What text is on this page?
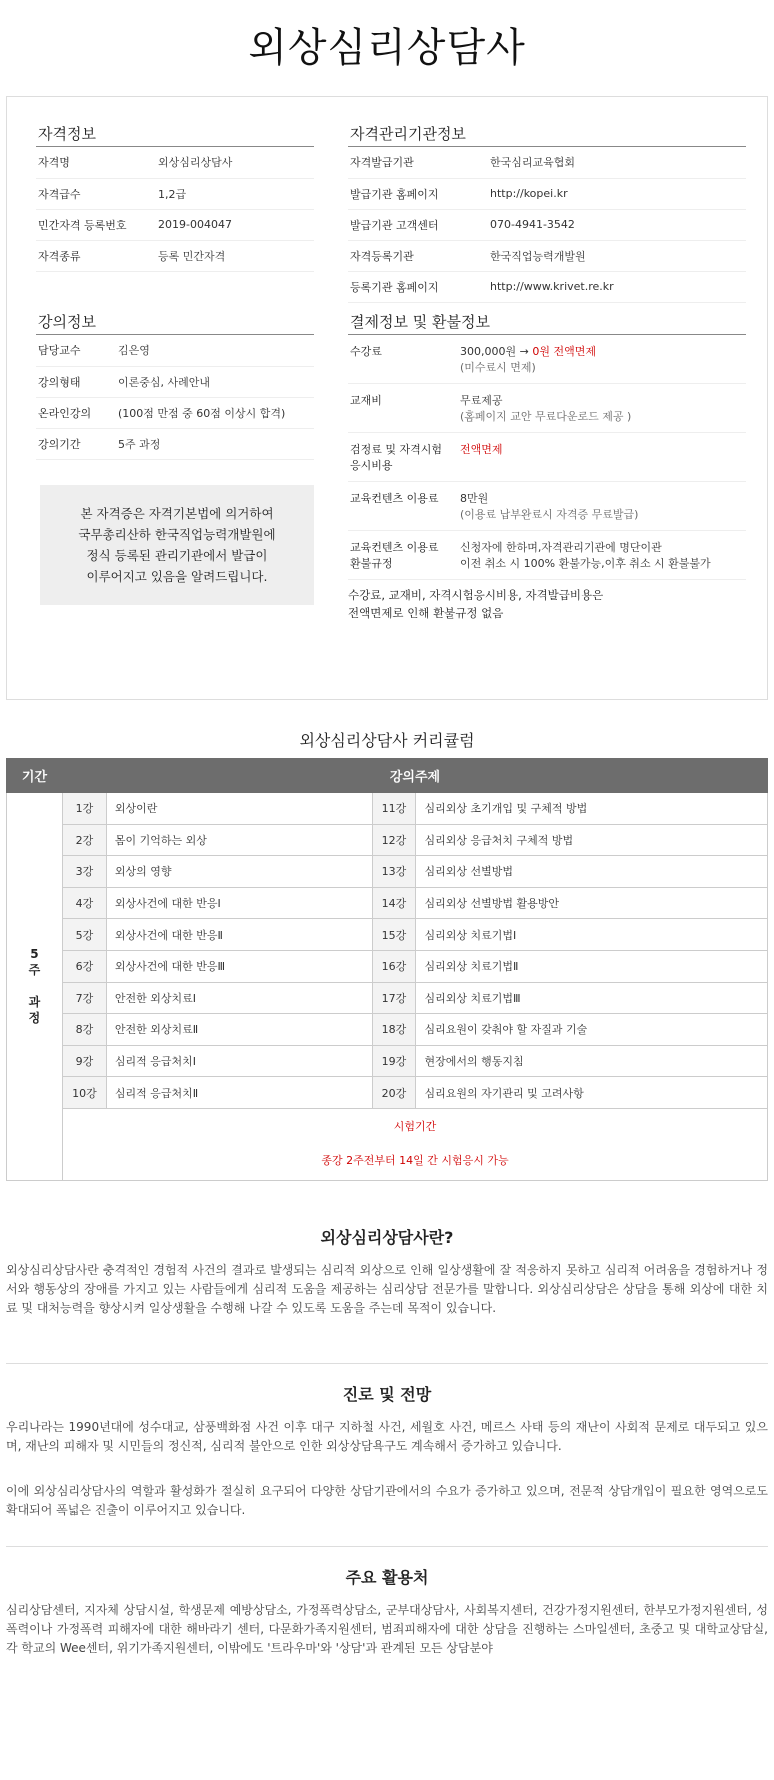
외상심리상담사
자격정보
자격명	외상심리상담사
자격급수	1,2급
민간자격 등록번호	2019-004047
자격종류	등록 민간자격
자격관리기관정보
자격발급기관	한국심리교육협회
발급기관 홈페이지	http://kopei.kr
발급기관 고객센터	070-4941-3542
자격등록기관	한국직업능력개발원
등록기관 홈페이지	http://www.krivet.re.kr
강의정보
담당교수	김은영
강의형태	이론중심, 사례안내
온라인강의	(100점 만점 중 60점 이상시 합격)
강의기간	5주 과정
본 자격증은 자격기본법에 의거하여
국무총리산하 한국직업능력개발원에
정식 등록된 관리기관에서 발급이
이루어지고 있음을 알려드립니다.
결제정보 및 환불정보
수강료	300,000원 → 0원 전액면제
(미수료시 면제)

교재비	무료제공
(홈페이지 교안 무료다운로드 제공 )

검정료 및 자격시험
응시비용	전액면제
교육컨텐츠 이용료	8만원
(이용료 납부완료시 자격증 무료발급)

교육컨텐츠 이용료
환불규정	신청자에 한하며,자격관리기관에 명단이관
이전 취소 시 100% 환불가능,이후 취소 시 환불불가
수강료, 교재비, 자격시험응시비용, 자격발급비용은
전액면제로 인해 환불규정 없음
외상심리상담사 커리큘럼
기간	강의주제			

5
주
과
정	1강	외상이란	11강	심리외상 초기개입 및 구체적 방법
	2강	몸이 기억하는 외상	12강	심리외상 응급처치 구체적 방법
	3강	외상의 영향	13강	심리외상 선별방법
	4강	외상사건에 대한 반응Ⅰ	14강	심리외상 선별방법 활용방안
	5강	외상사건에 대한 반응Ⅱ	15강	심리외상 치료기법Ⅰ
	6강	외상사건에 대한 반응Ⅲ	16강	심리외상 치료기법Ⅱ
	7강	안전한 외상치료Ⅰ	17강	심리외상 치료기법Ⅲ
	8강	안전한 외상치료Ⅱ	18강	심리요원이 갖춰야 할 자질과 기술
	9강	심리적 응급처치Ⅰ	19강	현장에서의 행동지침
	10강	심리적 응급처치Ⅱ	20강	심리요원의 자기관리 및 고려사항

	시험기간
종강 2주전부터 14일 간 시험응시 가능			
외상심리상담사란?
외상심리상담사란 충격적인 경험적 사건의 결과로 발생되는 심리적 외상으로 인해 일상생활에 잘 적응하지 못하고 심리적 어려움을 경험하거나 정서와 행동상의 장애를 가지고 있는 사람들에게 심리적 도움을 제공하는 심리상담 전문가를 말합니다. 외상심리상담은 상담을 통해 외상에 대한 치료 및 대처능력을 향상시켜 일상생활을 수행해 나갈 수 있도록 도움을 주는데 목적이 있습니다.
진로 및 전망
우리나라는 1990년대에 성수대교, 삼풍백화점 사건 이후 대구 지하철 사건, 세월호 사건, 메르스 사태 등의 재난이 사회적 문제로 대두되고 있으며, 재난의 피해자 및 시민들의 정신적, 심리적 불안으로 인한 외상상담욕구도 계속해서 증가하고 있습니다.
이에 외상심리상담사의 역할과 활성화가 절실히 요구되어 다양한 상담기관에서의 수요가 증가하고 있으며, 전문적 상담개입이 필요한 영역으로도 확대되어 폭넓은 진출이 이루어지고 있습니다.
주요 활용처
심리상담센터, 지자체 상담시설, 학생문제 예방상담소, 가정폭력상담소, 군부대상담사, 사회복지센터, 건강가정지원센터, 한부모가정지원센터, 성폭력이나 가정폭력 피해자에 대한 해바라기 센터, 다문화가족지원센터, 범죄피해자에 대한 상담을 진행하는 스마일센터, 초중고 및 대학교상담실, 각 학교의 Wee센터, 위기가족지원센터, 이밖에도 '트라우마'와 '상담'과 관계된 모든 상담분야
